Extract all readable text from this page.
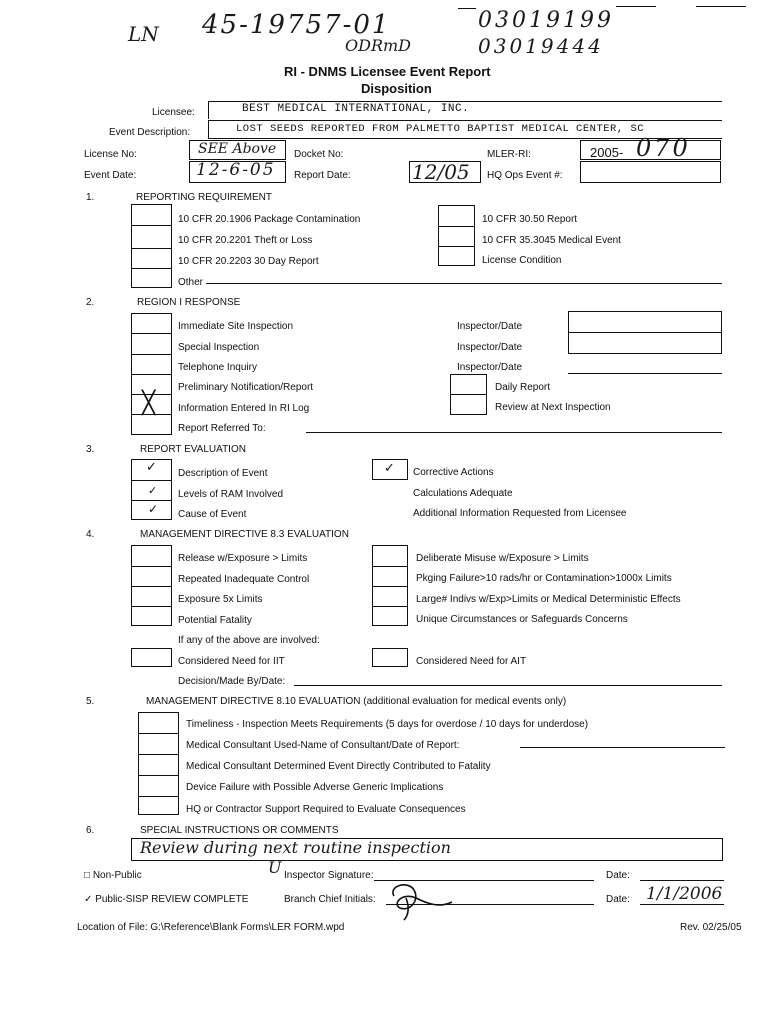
LN 45-19757-01
ODRmD
03019199
03019444
RI - DNMS Licensee Event Report
Disposition
Licensee:	BEST MEDICAL INTERNATIONAL, INC.
Event Description:	LOST SEEDS REPORTED FROM PALMETTO BAPTIST MEDICAL CENTER, SC
License No:	SEE Above Docket No:	MLER-RI:	2005- 070
Event Date:	12-6-05 Report Date:	12/05 HQ Ops Event #:
1.	REPORTING REQUIREMENT
10 CFR 20.1906 Package Contamination
10 CFR 20.2201 Theft or Loss
10 CFR 20.2203 30 Day Report
Other
10 CFR 30.50 Report
10 CFR 35.3045 Medical Event
License Condition
2.	REGION I RESPONSE
╳
Immediate Site Inspection
Special Inspection
Telephone Inquiry
Preliminary Notification/Report
Information Entered In RI Log
Report Referred To:
Inspector/Date
Inspector/Date
Inspector/Date
Daily Report
Review at Next Inspection
3.	REPORT EVALUATION
✓
✓
✓
Description of Event
Levels of RAM Involved
Cause of Event
✓ Corrective Actions
Calculations Adequate
Additional Information Requested from Licensee
4.	MANAGEMENT DIRECTIVE 8.3 EVALUATION
Release w/Exposure > Limits
Repeated Inadequate Control
Exposure 5x Limits
Potential Fatality
Deliberate Misuse w/Exposure > Limits
Pkging Failure>10 rads/hr or Contamination>1000x Limits
Large# Indivs w/Exp>Limits or Medical Deterministic Effects
Unique Circumstances or Safeguards Concerns
If any of the above are involved:
Considered Need for IIT	Considered Need for AIT
Decision/Made By/Date:
5.	MANAGEMENT DIRECTIVE 8.10 EVALUATION (additional evaluation for medical events only)
Timeliness - Inspection Meets Requirements (5 days for overdose / 10 days for underdose)
Medical Consultant Used-Name of Consultant/Date of Report:
Medical Consultant Determined Event Directly Contributed to Fatality
Device Failure with Possible Adverse Generic Implications
HQ or Contractor Support Required to Evaluate Consequences
6.	SPECIAL INSTRUCTIONS OR COMMENTS
Review during next routine inspection
□ Non-Public	Inspector Signature:
U	Date:
✓ Public-SISP REVIEW COMPLETE	Branch Chief Initials:	Date: 1/1/2006
Location of File: G:\Reference\Blank Forms\LER FORM.wpd	Rev. 02/25/05
